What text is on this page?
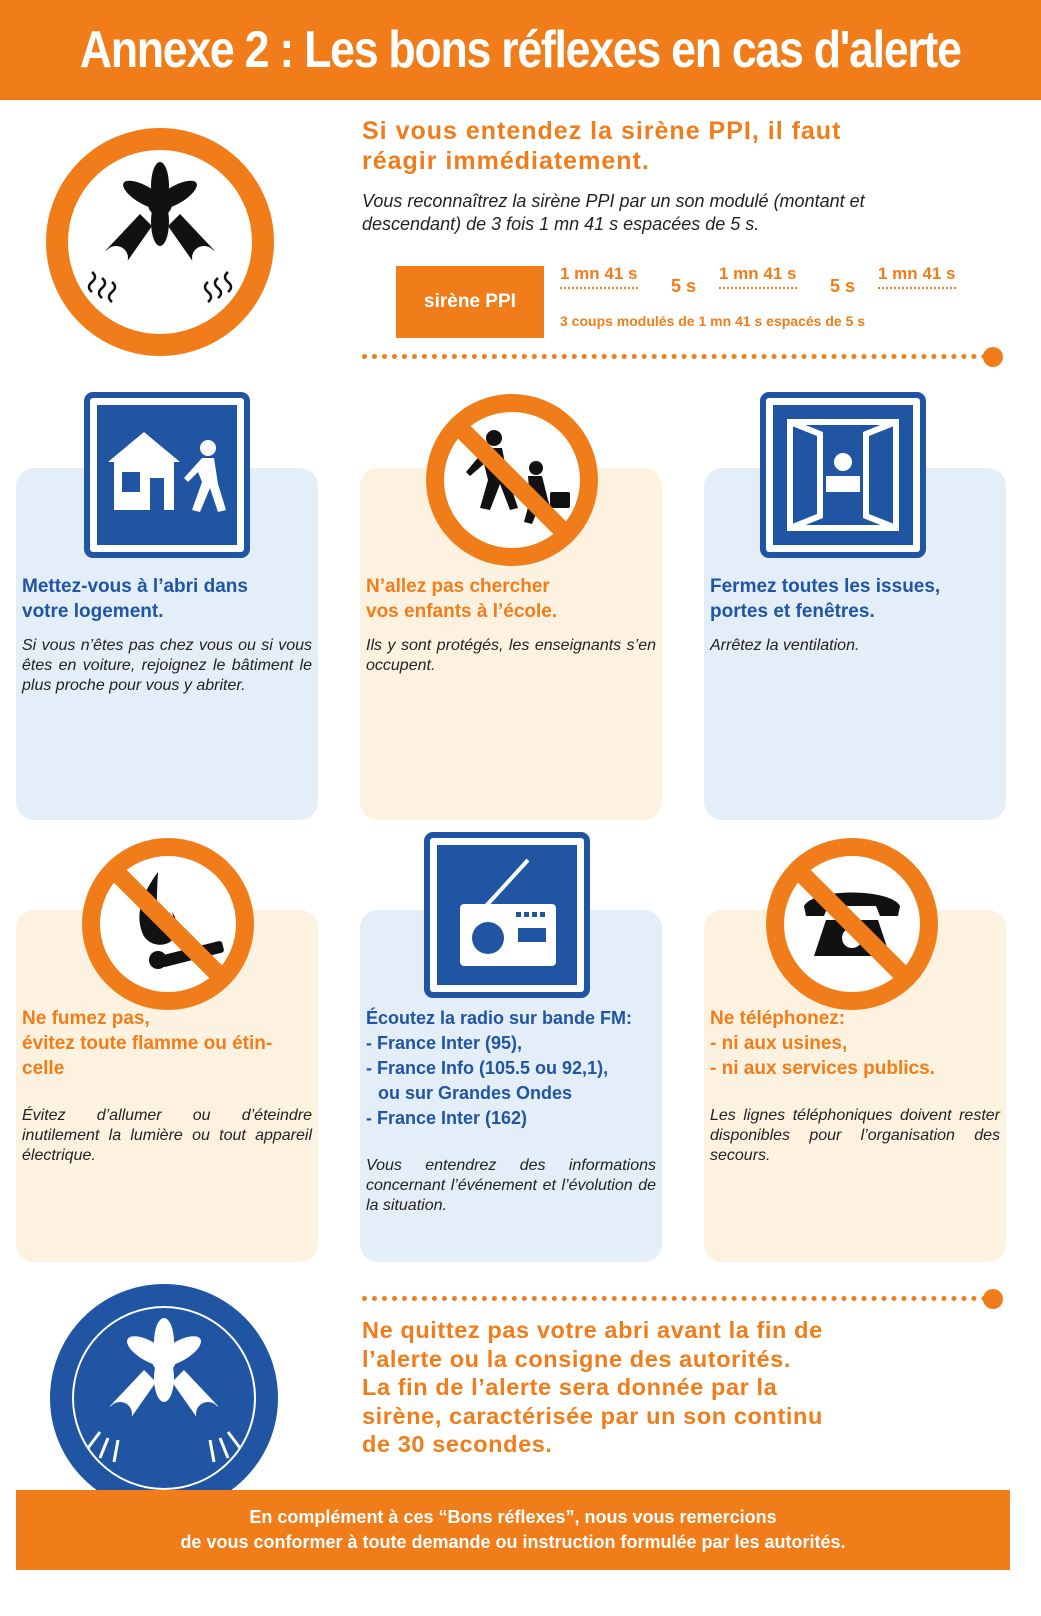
Annexe 2 : Les bons réflexes en cas d'alerte
Si vous entendez la sirène PPI, il faut
réagir immédiatement.
Vous reconnaîtrez la sirène PPI par un son modulé (montant et
descendant) de 3 fois 1 mn 41 s espacées de 5 s.
sirène PPI
1 mn 41 s
5 s
1 mn 41 s
5 s
1 mn 41 s
3 coups modulés de 1 mn 41 s espacés de 5 s
Mettez-vous à l’abri dans
votre logement.
Si vous n’êtes pas chez vous ou si vous êtes en voiture, rejoignez le bâtiment le plus proche pour vous y abriter.
N’allez pas chercher
vos enfants à l’école.
Ils y sont protégés, les enseignants s’en occupent.
Fermez toutes les issues,
portes et fenêtres.
Arrêtez la ventilation.
Ne fumez pas,
évitez toute flamme ou étin-
celle
Évitez d’allumer ou d’éteindre inutilement la lumière ou tout appareil électrique.
Écoutez la radio sur bande FM:
- France Inter (95),
- France Info (105.5 ou 92,1),
ou sur Grandes Ondes
- France Inter (162)
Vous entendrez des informations concernant l’événement et l’évolution de la situation.
Ne téléphonez:
- ni aux usines,
- ni aux services publics.
Les lignes téléphoniques doivent rester disponibles pour l’organisation des secours.
Ne quittez pas votre abri avant la fin de
l’alerte ou la consigne des autorités.
La fin de l’alerte sera donnée par la
sirène, caractérisée par un son continu
de 30 secondes.
En complément à ces “Bons réflexes”, nous vous remercions
de vous conformer à toute demande ou instruction formulée par les autorités.
